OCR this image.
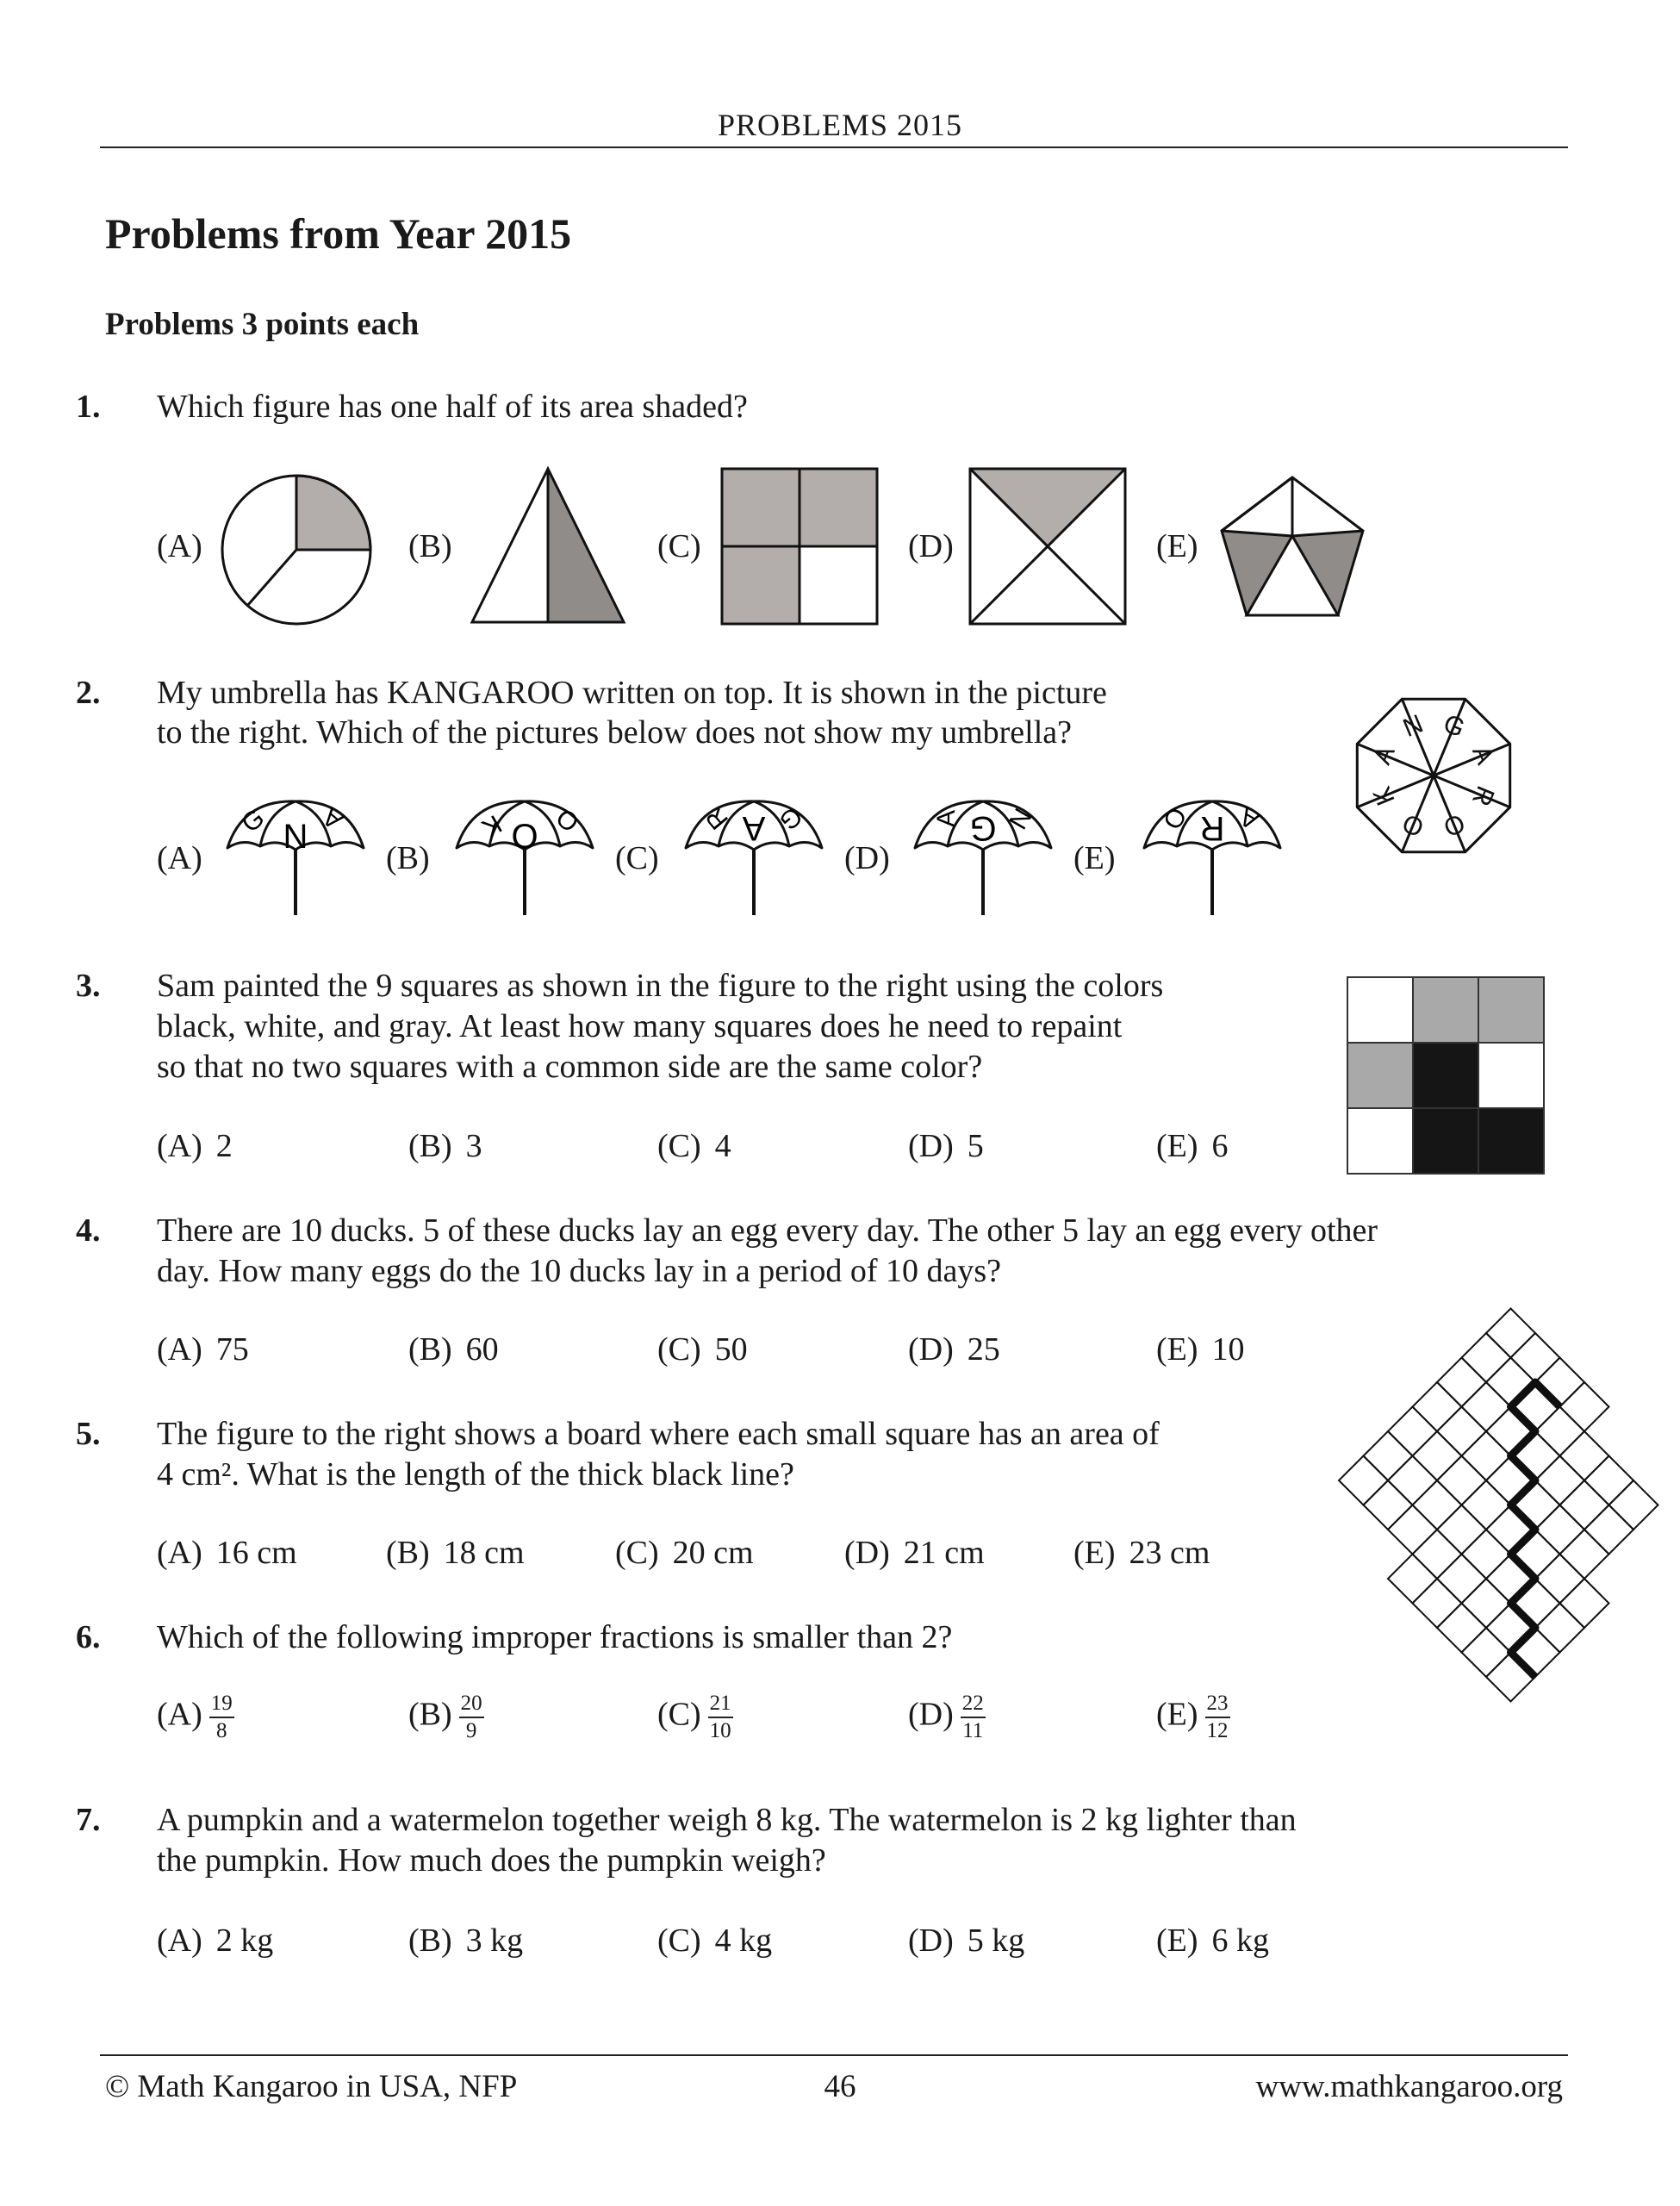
PROBLEMS 2015
Problems from Year 2015
Problems 3 points each
1. Which figure has one half of its area shaded?
(A)	(B)	(C)	(D)	(E)
2. My umbrella has KANGAROO written on top. It is shown in the picture
to the right. Which of the pictures below does not show my umbrella?
K
A
N G
A
R
O
O
(A)	(B)	(C)	(D)	(E)
G N A	K O O	R A G	A G N	O R A
3. Sam painted the 9 squares as shown in the figure to the right using the colors
black, white, and gray. At least how many squares does he need to repaint
so that no two squares with a common side are the same color?
(A) 2	(B) 3	(C) 4	(D) 5	(E) 6
4. There are 10 ducks. 5 of these ducks lay an egg every day. The other 5 lay an egg every other
day. How many eggs do the 10 ducks lay in a period of 10 days?
(A) 75	(B) 60	(C) 50	(D) 25	(E) 10
5. The figure to the right shows a board where each small square has an area of
4 cm². What is the length of the thick black line?
(A) 16 cm	(B) 18 cm	(C) 20 cm	(D) 21 cm	(E) 23 cm
6. Which of the following improper fractions is smaller than 2?
$(A) \frac{19}{8}$	$(B) \frac{20}{9}$	$(C) \frac{21}{10}$	$(D) \frac{22}{11}$	$(E) \frac{23}{12}$
7. A pumpkin and a watermelon together weigh 8 kg. The watermelon is 2 kg lighter than
the pumpkin. How much does the pumpkin weigh?
(A) 2 kg	(B) 3 kg	(C) 4 kg	(D) 5 kg	(E) 6 kg
© Math Kangaroo in USA, NFP	46	www.mathkangaroo.org
